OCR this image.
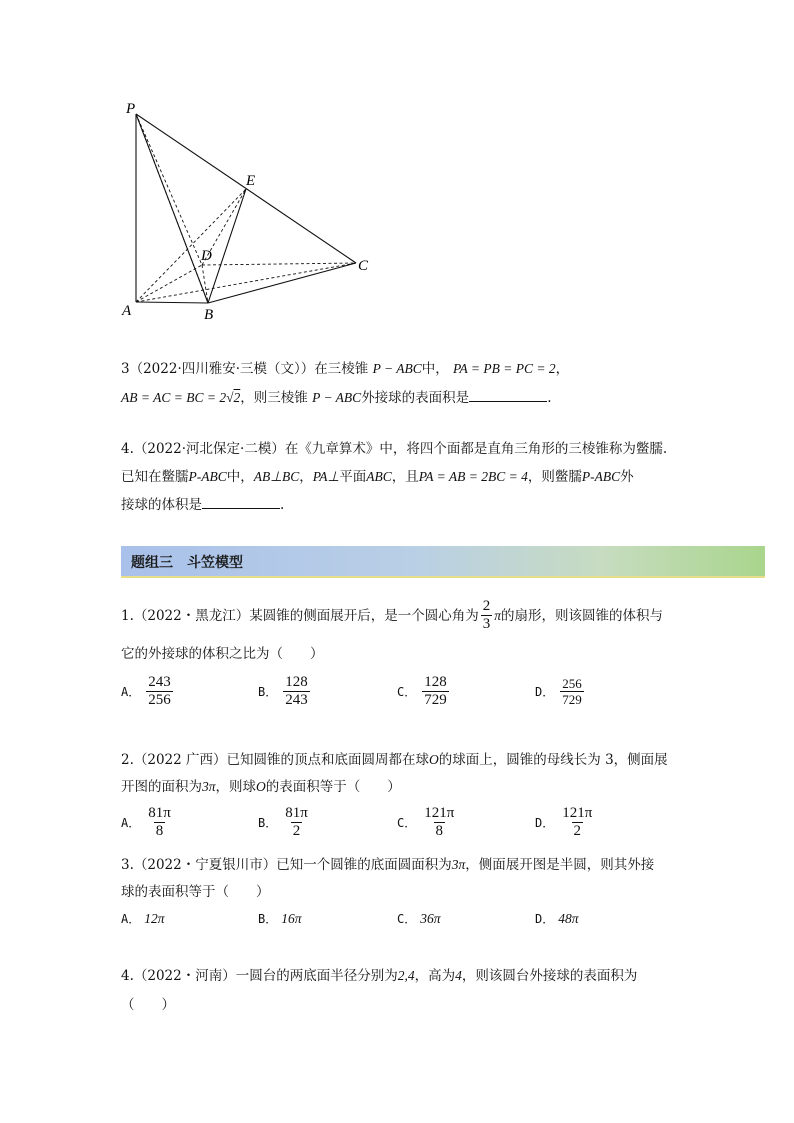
P
E
D
C
A	B
3（2022·四川雅安·三模（文））在三棱锥 P − ABC中， PA = PB = PC = 2，
AB = AC = BC = 2√2，则三棱锥 P − ABC外接球的表面积是	.
4.（2022·河北保定·二模）在《九章算术》中，将四个面都是直角三角形的三棱锥称为鳖臑.
已知在鳖臑P-ABC中，AB⊥BC，PA⊥平面ABC，且PA = AB = 2BC = 4，则鳖臑P-ABC外
接球的体积是	.
题组三　斗笠模型
1.（2022・黑龙江）某圆锥的侧面展开后，是一个圆心角为 $\frac{2}{3}$ π 的扇形，则该圆锥的体积与
它的外接球的体积之比为（　　）
A． $\frac{243}{256}$	B． $\frac{128}{243}$	C． $\frac{128}{729}$	D． $\frac{256}{729}$
2.（2022 广西）已知圆锥的顶点和底面圆周都在球O的球面上，圆锥的母线长为 3，侧面展
开图的面积为3π，则球O的表面积等于（　　）
A． $\frac{81\pi}{8}$	B． $\frac{81\pi}{2}$	C． $\frac{121\pi}{8}$	D． $\frac{121\pi}{2}$
3.（2022・宁夏银川市）已知一个圆锥的底面圆面积为3π，侧面展开图是半圆，则其外接
球的表面积等于（　　）
A． 12π	B． 16π	C． 36π	D． 48π
4.（2022・河南）一圆台的两底面半径分别为2,4，高为4，则该圆台外接球的表面积为
（　　）
